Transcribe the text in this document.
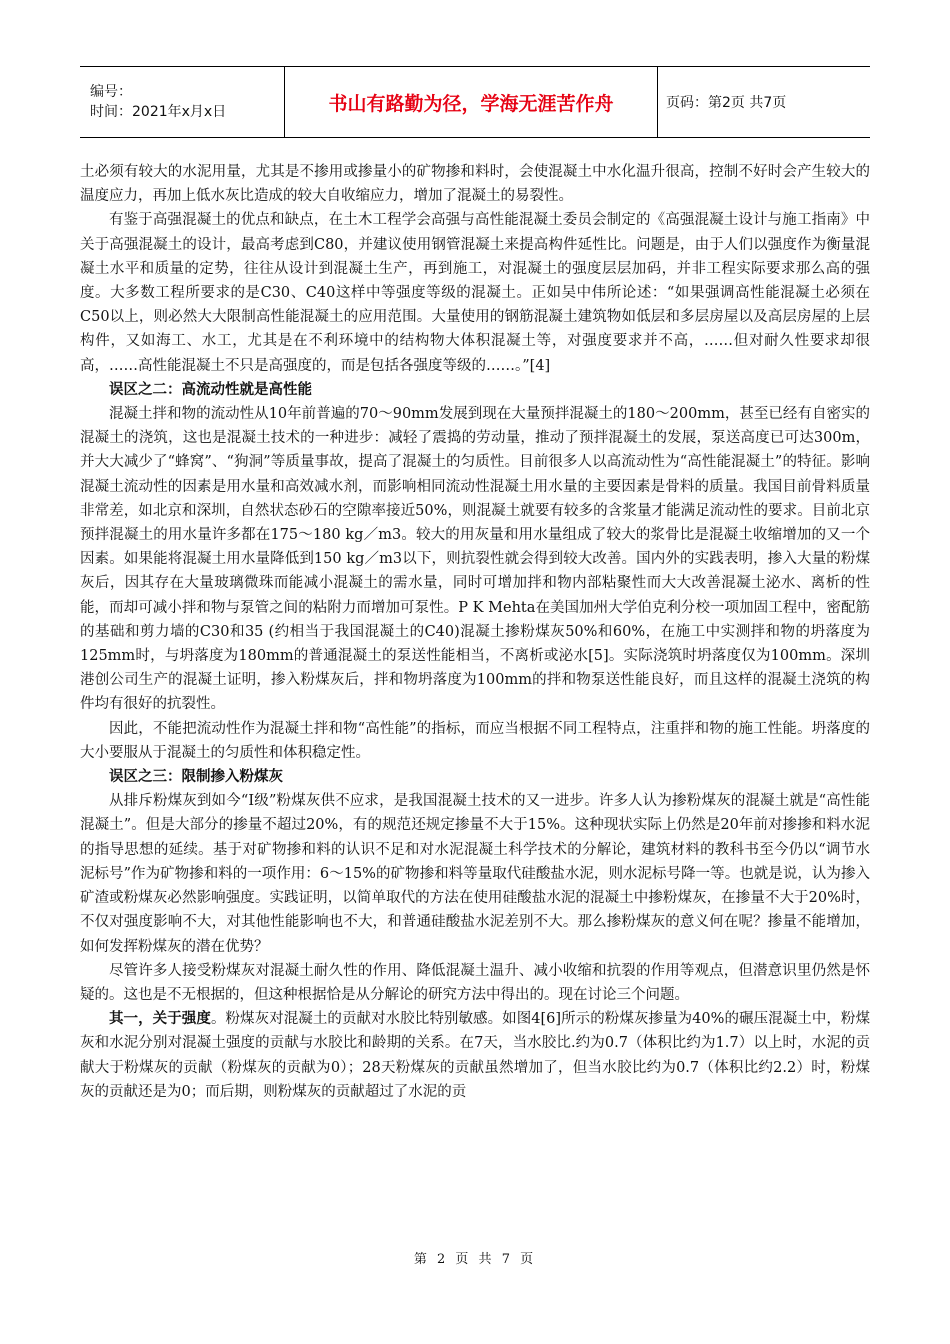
编号：
时间：2021年x月x日	书山有路勤为径，学海无涯苦作舟	页码：第2页 共7页

土必须有较大的水泥用量，尤其是不掺用或掺量小的矿物掺和料时，会使混凝土中水化温升很高，控制不好时会产生较大的温度应力，再加上低水灰比造成的较大自收缩应力，增加了混凝土的易裂性。

有鉴于高强混凝土的优点和缺点，在土木工程学会高强与高性能混凝土委员会制定的《高强混凝土设计与施工指南》中关于高强混凝土的设计，最高考虑到C80，并建议使用钢管混凝土来提高构件延性比。问题是，由于人们以强度作为衡量混凝土水平和质量的定势，往往从设计到混凝土生产，再到施工，对混凝土的强度层层加码，并非工程实际要求那么高的强度。大多数工程所要求的是C30、C40这样中等强度等级的混凝土。正如吴中伟所论述：“如果强调高性能混凝土必须在C50以上，则必然大大限制高性能混凝土的应用范围。大量使用的钢筋混凝土建筑物如低层和多层房屋以及高层房屋的上层构件，又如海工、水工，尤其是在不利环境中的结构物大体积混凝土等，对强度要求并不高，……但对耐久性要求却很高，……高性能混凝土不只是高强度的，而是包括各强度等级的……。”[4]

误区之二：高流动性就是高性能

混凝土拌和物的流动性从10年前普遍的70～90mm发展到现在大量预拌混凝土的180～200mm，甚至已经有自密实的混凝土的浇筑，这也是混凝土技术的一种进步：减轻了震捣的劳动量，推动了预拌混凝土的发展，泵送高度已可达300m，并大大减少了“蜂窝”、“狗洞”等质量事故，提高了混凝土的匀质性。目前很多人以高流动性为“高性能混凝土”的特征。影响混凝土流动性的因素是用水量和高效减水剂，而影响相同流动性混凝土用水量的主要因素是骨料的质量。我国目前骨料质量非常差，如北京和深圳，自然状态砂石的空隙率接近50%，则混凝土就要有较多的含浆量才能满足流动性的要求。目前北京预拌混凝土的用水量许多都在175～180 kg／m3。较大的用灰量和用水量组成了较大的浆骨比是混凝土收缩增加的又一个因素。如果能将混凝土用水量降低到150 kg／m3以下，则抗裂性就会得到较大改善。国内外的实践表明，掺入大量的粉煤灰后，因其存在大量玻璃微珠而能减小混凝土的需水量，同时可增加拌和物内部粘聚性而大大改善混凝土泌水、离析的性能，而却可减小拌和物与泵管之间的粘附力而增加可泵性。P K Mehta在美国加州大学伯克利分校一项加固工程中，密配筋的基础和剪力墙的C30和35 (约相当于我国混凝土的C40)混凝土掺粉煤灰50%和60%，在施工中实测拌和物的坍落度为125mm时，与坍落度为180mm的普通混凝土的泵送性能相当，不离析或泌水[5]。实际浇筑时坍落度仅为100mm。深圳港创公司生产的混凝土证明，掺入粉煤灰后，拌和物坍落度为100mm的拌和物泵送性能良好，而且这样的混凝土浇筑的构件均有很好的抗裂性。

因此，不能把流动性作为混凝土拌和物“高性能”的指标，而应当根据不同工程特点，注重拌和物的施工性能。坍落度的大小要服从于混凝土的匀质性和体积稳定性。

误区之三：限制掺入粉煤灰

从排斥粉煤灰到如今“Ⅰ级”粉煤灰供不应求，是我国混凝土技术的又一进步。许多人认为掺粉煤灰的混凝土就是“高性能混凝土”。但是大部分的掺量不超过20%，有的规范还规定掺量不大于15%。这种现状实际上仍然是20年前对掺掺和料水泥的指导思想的延续。基于对矿物掺和料的认识不足和对水泥混凝土科学技术的分解论，建筑材料的教科书至今仍以“调节水泥标号”作为矿物掺和料的一项作用：6～15%的矿物掺和料等量取代硅酸盐水泥，则水泥标号降一等。也就是说，认为掺入矿渣或粉煤灰必然影响强度。实践证明，以简单取代的方法在使用硅酸盐水泥的混凝土中掺粉煤灰，在掺量不大于20%时，不仅对强度影响不大，对其他性能影响也不大，和普通硅酸盐水泥差别不大。那么掺粉煤灰的意义何在呢？掺量不能增加，如何发挥粉煤灰的潜在优势？

尽管许多人接受粉煤灰对混凝土耐久性的作用、降低混凝土温升、减小收缩和抗裂的作用等观点，但潜意识里仍然是怀疑的。这也是不无根据的，但这种根据恰是从分解论的研究方法中得出的。现在讨论三个问题。

其一，关于强度。粉煤灰对混凝土的贡献对水胶比特别敏感。如图4[6]所示的粉煤灰掺量为40%的碾压混凝土中，粉煤灰和水泥分别对混凝土强度的贡献与水胶比和龄期的关系。在7天，当水胶比.约为0.7（体积比约为1.7）以上时，水泥的贡献大于粉煤灰的贡献（粉煤灰的贡献为0）；28天粉煤灰的贡献虽然增加了，但当水胶比约为0.7（体积比约2.2）时，粉煤灰的贡献还是为0；而后期，则粉煤灰的贡献超过了水泥的贡

第 2 页 共 7 页
